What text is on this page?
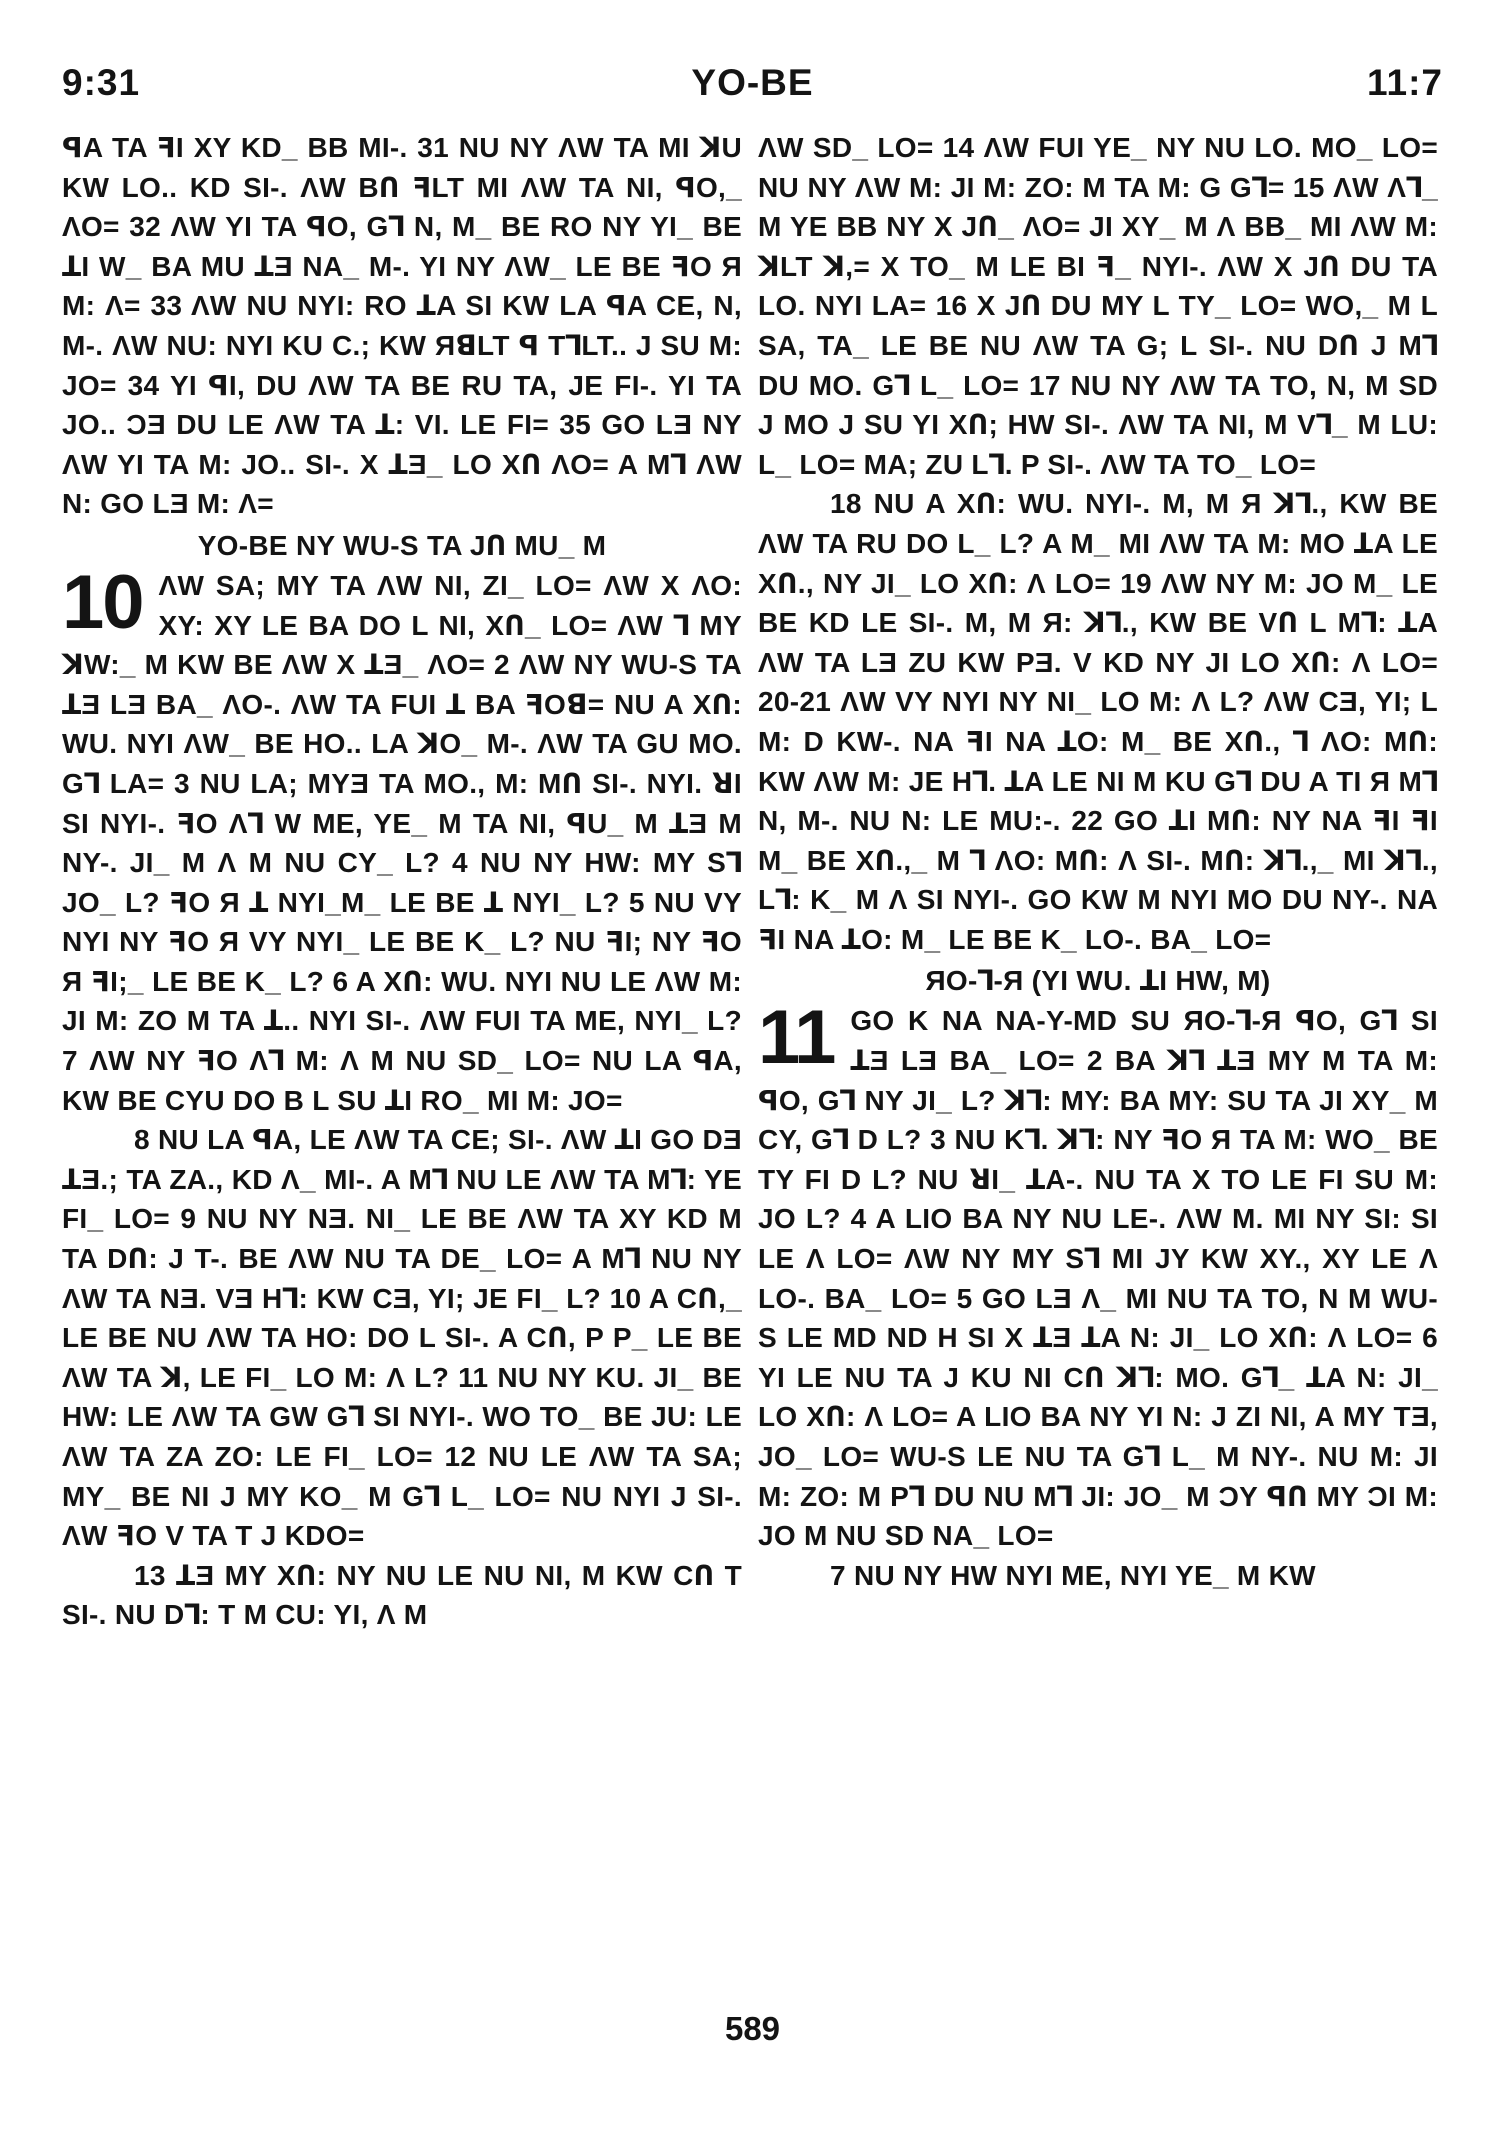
9:31	YO-BE	11:7

ꟼA TA ꟻI XY KD_ BB MI-. 31 NU NY ΛW TA MI ꓘU KW LO.. KD SI-. ΛW BՈ ꟻLT MI ΛW TA NI, ꟼO,_ ΛO= 32 ΛW YI TA ꟼO, G⅂ N, M_ BE RO NY YI_ BE ꓕI W_ BA MU ꓕƎ NA_ M-. YI NY ΛW_ LE BE ꟻO Я M: Λ= 33 ΛW NU NYI: RO ꓕA SI KW LA ꟼA CE, N, M-. ΛW NU: NYI KU C.; KW ЯꓭLT ꟼ TꓶLT.. J SU M: JO= 34 YI ꟼI, DU ΛW TA BE RU TA, JE FI-. YI TA JO.. ƆƎ DU LE ΛW TA ꓕ: VI. LE FI= 35 GO LƎ NY ΛW YI TA M: JO.. SI-. X ꓕƎ_ LO XՈ ΛO= A M⅂ ΛW N: GO LƎ M: Λ=

YO-BE NY WU-S TA JՈ MU_ M

10 ΛW SA; MY TA ΛW NI, ZI_ LO= ΛW X ΛO: XY: XY LE BA DO L NI, XՈ_ LO= ΛW ⅂ MY ꓘW:_ M KW BE ΛW X ꓕƎ_ ΛO= 2 ΛW NY WU-S TA ꓕƎ LƎ BA_ ΛO-. ΛW TA FUI ꓕ BA ꟻOꓭ= NU A XՈ: WU. NYI ΛW_ BE HO.. LA ꓘO_ M-. ΛW TA GU MO. G⅂ LA= 3 NU LA; MYƎ TA MO., M: MՈ SI-. NYI. ꓤI SI NYI-. ꟻO Λ⅂ W ME, YE_ M TA NI, ꟼU_ M ꓕƎ M NY-. JI_ M Λ M NU CY_ L? 4 NU NY HW: MY S⅂ JO_ L? ꟻO Я ꓕ NYI_M_ LE BE ꓕ NYI_ L? 5 NU VY NYI NY ꟻO Я VY NYI_ LE BE K_ L? NU ꟻI; NY ꟻO Я ꟻI;_ LE BE K_ L? 6 A XՈ: WU. NYI NU LE ΛW M: JI M: ZO M TA ꓕ.. NYI SI-. ΛW FUI TA ME, NYI_ L? 7 ΛW NY ꟻO Λ⅂ M: Λ M NU SD_ LO= NU LA ꟼA, KW BE CYU DO B L SU ꓕI RO_ MI M: JO=

8 NU LA ꟼA, LE ΛW TA CE; SI-. ΛW ꓕI GO DƎ ꓕƎ.; TA ZA., KD Λ_ MI-. A M⅂ NU LE ΛW TA M⅂: YE FI_ LO= 9 NU NY NƎ. NI_ LE BE ΛW TA XY KD M TA DՈ: J T-. BE ΛW NU TA DE_ LO= A M⅂ NU NY ΛW TA NƎ. VƎ H⅂: KW CƎ, YI; JE FI_ L? 10 A CՈ,_ LE BE NU ΛW TA HO: DO L SI-. A CՈ, P P_ LE BE ΛW TA ꓘ, LE FI_ LO M: Λ L? 11 NU NY KU. JI_ BE HW: LE ΛW TA GW G⅂ SI NYI-. WO TO_ BE JU: LE ΛW TA ZA ZO: LE FI_ LO= 12 NU LE ΛW TA SA; MY_ BE NI J MY KO_ M G⅂ L_ LO= NU NYI J SI-. ΛW ꟻO V TA T J KDO=

13 ꓕƎ MY XՈ: NY NU LE NU NI, M KW CՈ T SI-. NU D⅂: T M CU: YI, Λ M

ΛW SD_ LO= 14 ΛW FUI YE_ NY NU LO. MO_ LO= NU NY ΛW M: JI M: ZO: M TA M: G G⅂= 15 ΛW Λ⅂_ M YE BB NY X JՈ_ ΛO= JI XY_ M Λ BB_ MI ΛW M: ꓘLT ꓘ,= X TO_ M LE BI ꟻ_ NYI-. ΛW X JՈ DU TA LO. NYI LA= 16 X JՈ DU MY L TY_ LO= WO,_ M L SA, TA_ LE BE NU ΛW TA G; L SI-. NU DՈ J M⅂ DU MO. G⅂ L_ LO= 17 NU NY ΛW TA TO, N, M SD J MO J SU YI XՈ; HW SI-. ΛW TA NI, M V⅂_ M LU: L_ LO= MA; ZU L⅂. P SI-. ΛW TA TO_ LO=

18 NU A XՈ: WU. NYI-. M, M Я ꓘꓶ., KW BE ΛW TA RU DO L_ L? A M_ MI ΛW TA M: MO ꓕA LE XՈ., NY JI_ LO XՈ: Λ LO= 19 ΛW NY M: JO M_ LE BE KD LE SI-. M, M Я: ꓘꓶ., KW BE VՈ L M⅂: ꓕA ΛW TA LƎ ZU KW PƎ. V KD NY JI LO XՈ: Λ LO= 20-21 ΛW VY NYI NY NI_ LO M: Λ L? ΛW CƎ, YI; L M: D KW-. NA ꟻI NA ꓕO: M_ BE XՈ., ⅂ ΛO: MՈ: KW ΛW M: JE H⅂. ꓕA LE NI M KU G⅂ DU A TI Я M⅂ N, M-. NU N: LE MU:-. 22 GO ꓕI MՈ: NY NA ꟻI ꟻI M_ BE XՈ.,_ M ⅂ ΛO: MՈ: Λ SI-. MՈ: ꓘꓶ.,_ MI ꓘꓶ., L⅂: K_ M Λ SI NYI-. GO KW M NYI MO DU NY-. NA ꟻI NA ꓕO: M_ LE BE K_ LO-. BA_ LO=

ЯO-ꓶ-Я (YI WU. ꓕI HW, M)

11 GO K NA NA-Y-MD SU ЯO-ꓶ-Я ꟼO, G⅂ SI ꓕƎ LƎ BA_ LO= 2 BA ꓘꓶ ꓕƎ MY M TA M: ꟼO, G⅂ NY JI_ L? ꓘꓶ: MY: BA MY: SU TA JI XY_ M CY, G⅂ D L? 3 NU K⅂. ꓘ⅂: NY ꟻO Я TA M: WO_ BE TY FI D L? NU ꓤI_ ꓕA-. NU TA X TO LE FI SU M: JO L? 4 A LIO BA NY NU LE-. ΛW M. MI NY SI: SI LE Λ LO= ΛW NY MY S⅂ MI JY KW XY., XY LE Λ LO-. BA_ LO= 5 GO LƎ Λ_ MI NU TA TO, N M WU-S LE MD ND H SI X ꓕƎ ꓕA N: JI_ LO XՈ: Λ LO= 6 YI LE NU TA J KU NI CՈ ꓘꓶ: MO. G⅂_ ꓕA N: JI_ LO XՈ: Λ LO= A LIO BA NY YI N: J ZI NI, A MY TƎ, JO_ LO= WU-S LE NU TA G⅂ L_ M NY-. NU M: JI M: ZO: M P⅂ DU NU M⅂ JI: JO_ M ƆY ꟼՈ MY ƆI M: JO M NU SD NA_ LO=

7 NU NY HW NYI ME, NYI YE_ M KW

589
